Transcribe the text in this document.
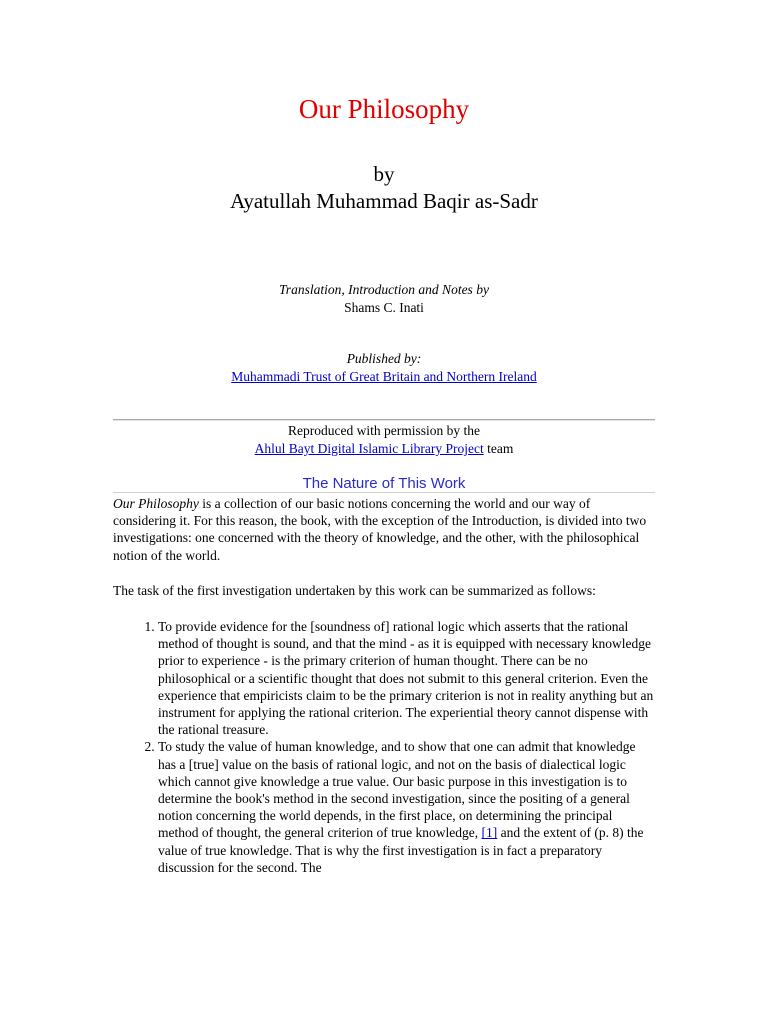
Our Philosophy
by
Ayatullah Muhammad Baqir as-Sadr
Translation, Introduction and Notes by
Shams C. Inati
Published by:
Muhammadi Trust of Great Britain and Northern Ireland
Reproduced with permission by the
Ahlul Bayt Digital Islamic Library Project team
The Nature of This Work
Our Philosophy is a collection of our basic notions concerning the world and our way of considering it. For this reason, the book, with the exception of the Introduction, is divided into two investigations: one concerned with the theory of knowledge, and the other, with the philosophical notion of the world.
The task of the first investigation undertaken by this work can be summarized as follows:
1. To provide evidence for the [soundness of] rational logic which asserts that the rational method of thought is sound, and that the mind - as it is equipped with necessary knowledge prior to experience - is the primary criterion of human thought. There can be no philosophical or a scientific thought that does not submit to this general criterion. Even the experience that empiricists claim to be the primary criterion is not in reality anything but an instrument for applying the rational criterion. The experiential theory cannot dispense with the rational treasure.
2. To study the value of human knowledge, and to show that one can admit that knowledge has a [true] value on the basis of rational logic, and not on the basis of dialectical logic which cannot give knowledge a true value. Our basic purpose in this investigation is to determine the book's method in the second investigation, since the positing of a general notion concerning the world depends, in the first place, on determining the principal method of thought, the general criterion of true knowledge, [1] and the extent of (p. 8) the value of true knowledge. That is why the first investigation is in fact a preparatory discussion for the second. The
